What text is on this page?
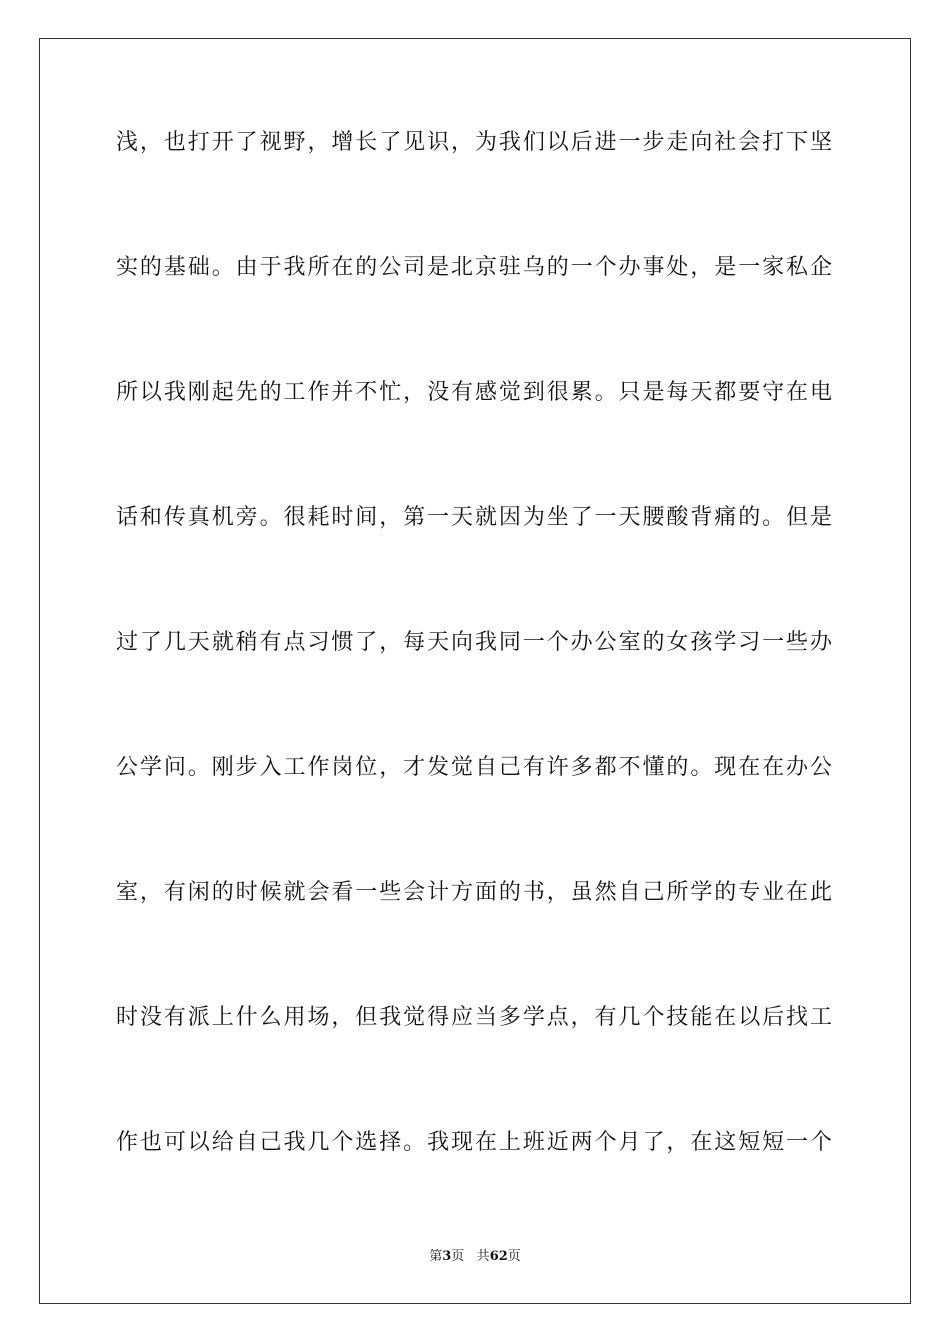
浅，也打开了视野，增长了见识，为我们以后进一步走向社会打下坚
实的基础。由于我所在的公司是北京驻乌的一个办事处，是一家私企
所以我刚起先的工作并不忙，没有感觉到很累。只是每天都要守在电
话和传真机旁。很耗时间，第一天就因为坐了一天腰酸背痛的。但是
过了几天就稍有点习惯了，每天向我同一个办公室的女孩学习一些办
公学问。刚步入工作岗位，才发觉自己有许多都不懂的。现在在办公
室，有闲的时候就会看一些会计方面的书，虽然自己所学的专业在此
时没有派上什么用场，但我觉得应当多学点，有几个技能在以后找工
作也可以给自己我几个选择。我现在上班近两个月了，在这短短一个
第3页 共62页
